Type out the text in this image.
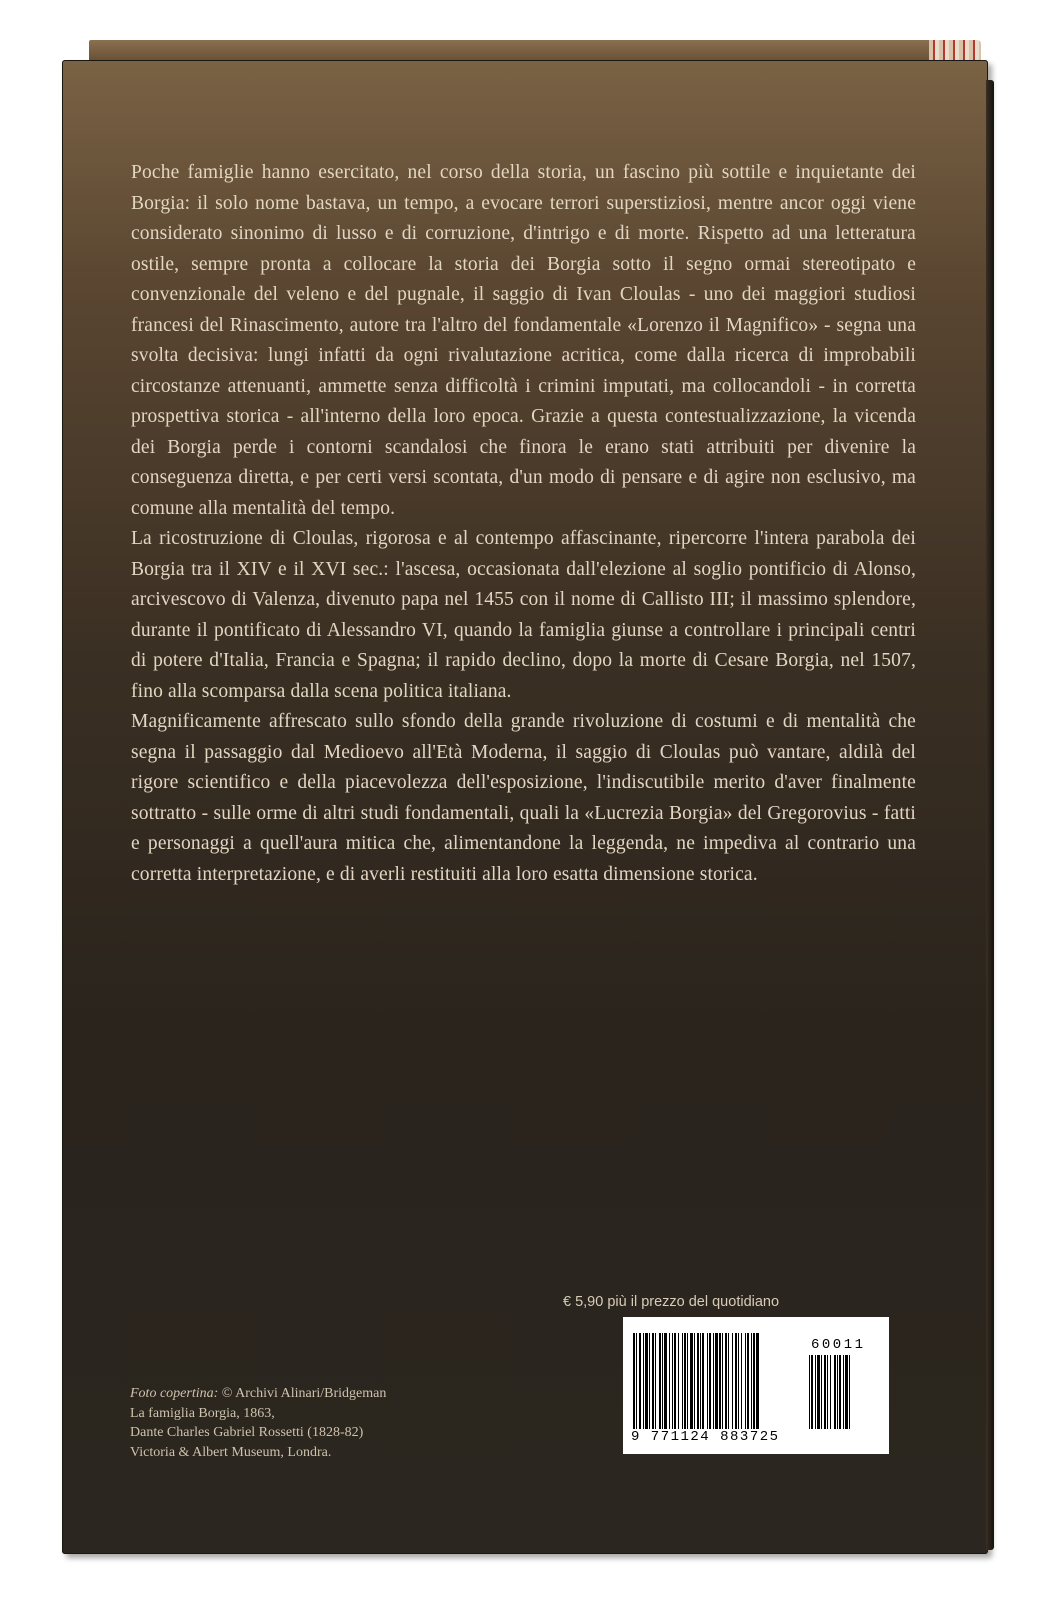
Poche famiglie hanno esercitato, nel corso della storia, un fascino più sottile e inquietante dei Borgia: il solo nome bastava, un tempo, a evocare terrori superstiziosi, mentre ancor oggi viene considerato sinonimo di lusso e di corruzione, d'intrigo e di morte. Rispetto ad una letteratura ostile, sempre pronta a collocare la storia dei Borgia sotto il segno ormai stereotipato e convenzionale del veleno e del pugnale, il saggio di Ivan Cloulas - uno dei maggiori studiosi francesi del Rinascimento, autore tra l'altro del fondamentale «Lorenzo il Magnifico» - segna una svolta decisiva: lungi infatti da ogni rivalutazione acritica, come dalla ricerca di improbabili circostanze attenuanti, ammette senza difficoltà i crimini imputati, ma collocandoli - in corretta prospettiva storica - all'interno della loro epoca. Grazie a questa contestualizzazione, la vicenda dei Borgia perde i contorni scandalosi che finora le erano stati attribuiti per divenire la conseguenza diretta, e per certi versi scontata, d'un modo di pensare e di agire non esclusivo, ma comune alla mentalità del tempo.

La ricostruzione di Cloulas, rigorosa e al contempo affascinante, ripercorre l'intera parabola dei Borgia tra il XIV e il XVI sec.: l'ascesa, occasionata dall'elezione al soglio pontificio di Alonso, arcivescovo di Valenza, divenuto papa nel 1455 con il nome di Callisto III; il massimo splendore, durante il pontificato di Alessandro VI, quando la famiglia giunse a controllare i principali centri di potere d'Italia, Francia e Spagna; il rapido declino, dopo la morte di Cesare Borgia, nel 1507, fino alla scomparsa dalla scena politica italiana.

Magnificamente affrescato sullo sfondo della grande rivoluzione di costumi e di mentalità che segna il passaggio dal Medioevo all'Età Moderna, il saggio di Cloulas può vantare, aldilà del rigore scientifico e della piacevolezza dell'esposizione, l'indiscutibile merito d'aver finalmente sottratto - sulle orme di altri studi fondamentali, quali la «Lucrezia Borgia» del Gregorovius - fatti e personaggi a quell'aura mitica che, alimentandone la leggenda, ne impediva al contrario una corretta interpretazione, e di averli restituiti alla loro esatta dimensione storica.

Foto copertina: © Archivi Alinari/Bridgeman
La famiglia Borgia, 1863,
Dante Charles Gabriel Rossetti (1828-82)
Victoria & Albert Museum, Londra.
€ 5,90 più il prezzo del quotidiano
60011
9 771124 883725
